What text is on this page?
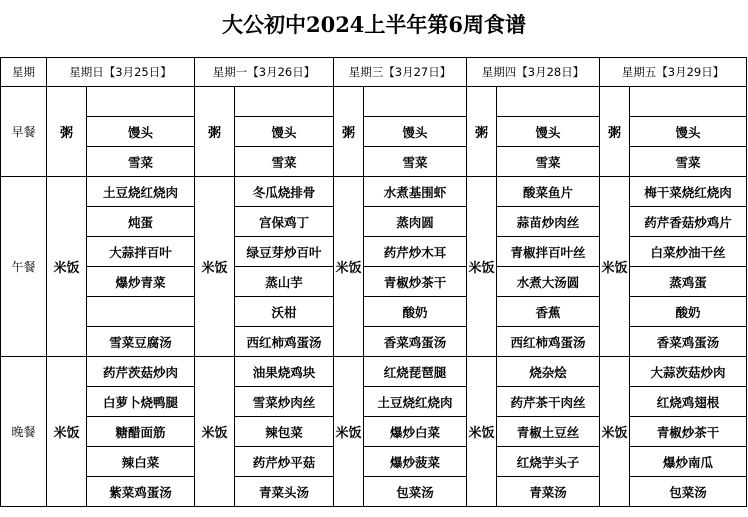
大公初中2024上半年第6周食谱
星期	星期日【3月25日】		星期一【3月26日】		星期三【3月27日】		星期四【3月28日】		星期五【3月29日】	
早餐	粥		粥		粥		粥		粥	
		馒头		馒头		馒头		馒头		馒头
		雪菜		雪菜		雪菜		雪菜		雪菜
午餐	米饭	土豆烧红烧肉	米饭	冬瓜烧排骨	米饭	水煮基围虾	米饭	酸菜鱼片	米饭	梅干菜烧红烧肉
		炖蛋		宫保鸡丁		蒸肉圆		蒜苗炒肉丝		药芹香菇炒鸡片
		大蒜拌百叶		绿豆芽炒百叶		药芹炒木耳		青椒拌百叶丝		白菜炒油干丝
		爆炒青菜		蒸山芋		青椒炒茶干		水煮大汤圆		蒸鸡蛋
				沃柑		酸奶		香蕉		酸奶
		雪菜豆腐汤		西红柿鸡蛋汤		香菜鸡蛋汤		西红柿鸡蛋汤		香菜鸡蛋汤
晚餐	米饭	药芹茨菇炒肉	米饭	油果烧鸡块	米饭	红烧琵琶腿	米饭	烧杂烩	米饭	大蒜茨菇炒肉
		白萝卜烧鸭腿		雪菜炒肉丝		土豆烧红烧肉		药芹茶干肉丝		红烧鸡翅根
		糖醋面筋		辣包菜		爆炒白菜		青椒土豆丝		青椒炒茶干
		辣白菜		药芹炒平菇		爆炒菠菜		红烧芋头子		爆炒南瓜
		紫菜鸡蛋汤		青菜头汤		包菜汤		青菜汤		包菜汤
